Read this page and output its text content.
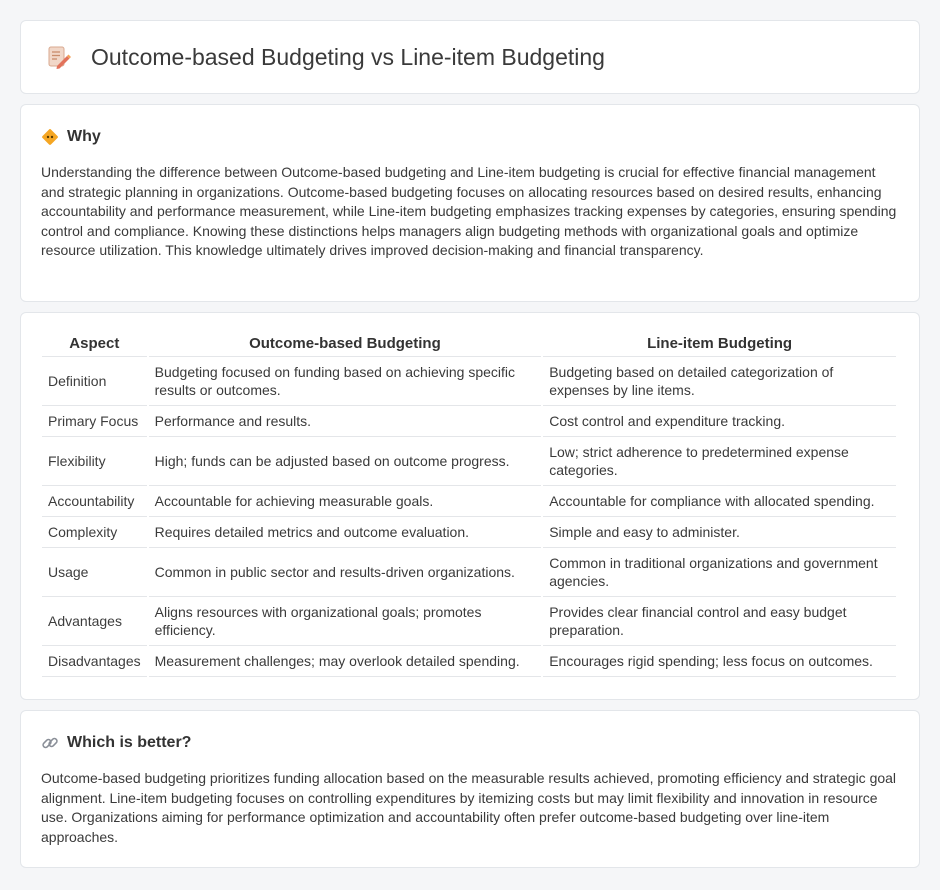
Outcome-based Budgeting vs Line-item Budgeting
Why

Understanding the difference between Outcome-based budgeting and Line-item budgeting is crucial for effective financial management and strategic planning in organizations. Outcome-based budgeting focuses on allocating resources based on desired results, enhancing accountability and performance measurement, while Line-item budgeting emphasizes tracking expenses by categories, ensuring spending control and compliance. Knowing these distinctions helps managers align budgeting methods with organizational goals and optimize resource utilization. This knowledge ultimately drives improved decision-making and financial transparency.

Aspect	Outcome-based Budgeting	Line-item Budgeting
Definition	Budgeting focused on funding based on achieving specific results or outcomes.	Budgeting based on detailed categorization of expenses by line items.
Primary Focus	Performance and results.	Cost control and expenditure tracking.
Flexibility	High; funds can be adjusted based on outcome progress.	Low; strict adherence to predetermined expense categories.
Accountability	Accountable for achieving measurable goals.	Accountable for compliance with allocated spending.
Complexity	Requires detailed metrics and outcome evaluation.	Simple and easy to administer.
Usage	Common in public sector and results-driven organizations.	Common in traditional organizations and government agencies.
Advantages	Aligns resources with organizational goals; promotes efficiency.	Provides clear financial control and easy budget preparation.
Disadvantages	Measurement challenges; may overlook detailed spending.	Encourages rigid spending; less focus on outcomes.
Which is better?

Outcome-based budgeting prioritizes funding allocation based on the measurable results achieved, promoting efficiency and strategic goal alignment. Line-item budgeting focuses on controlling expenditures by itemizing costs but may limit flexibility and innovation in resource use. Organizations aiming for performance optimization and accountability often prefer outcome-based budgeting over line-item approaches.
